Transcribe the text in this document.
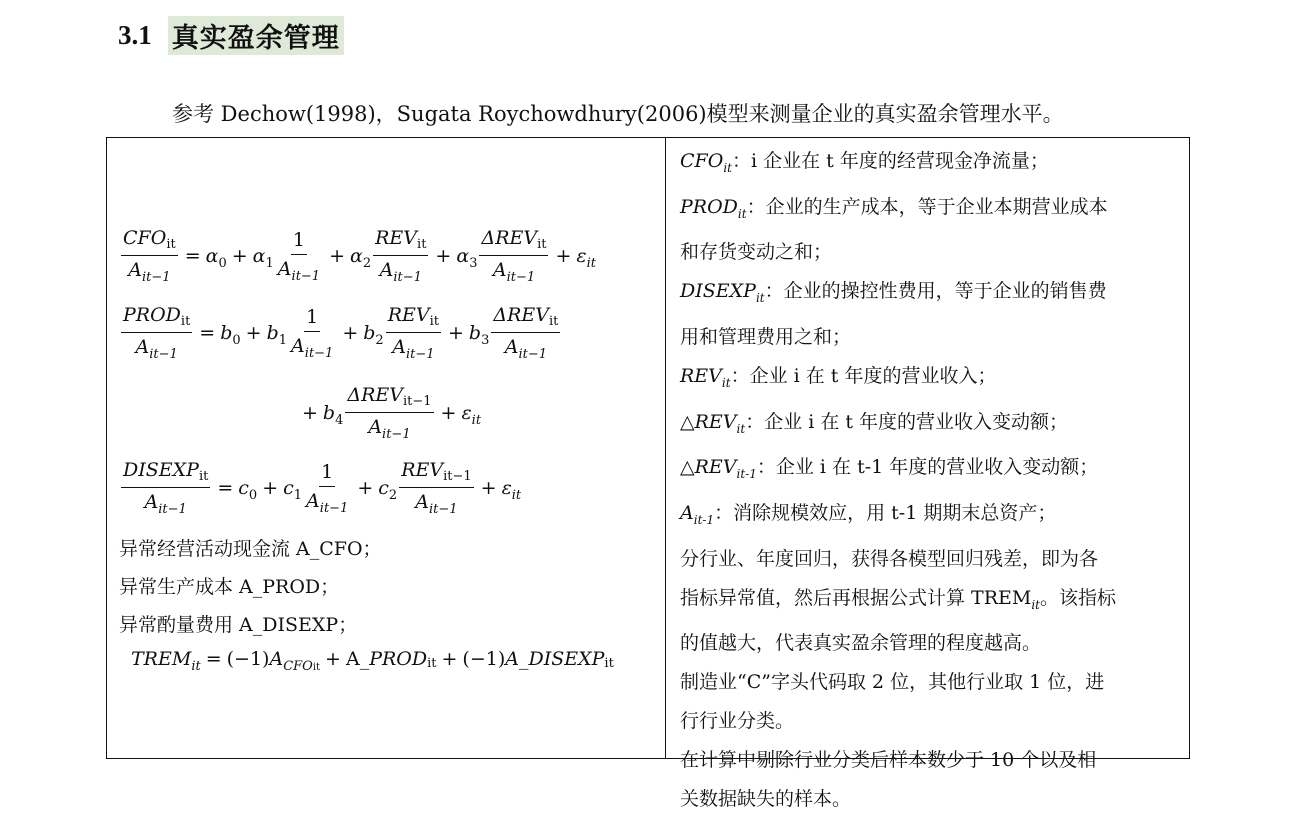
3.1 真实盈余管理
参考 Dechow(1998)，Sugata Roychowdhury(2006)模型来测量企业的真实盈余管理水平。
$\frac{CFO_{it}}{A_{it-1}} = \alpha_0 + \alpha_1 \frac{1}{A_{it-1}} + \alpha_2 \frac{REV_{it}}{A_{it-1}} + \alpha_3 \frac{\Delta REV_{it}}{A_{it-1}} + \varepsilon_{it}$
$\frac{PROD_{it}}{A_{it-1}} = b_0 + b_1 \frac{1}{A_{it-1}} + b_2 \frac{REV_{it}}{A_{it-1}} + b_3 \frac{\Delta REV_{it}}{A_{it-1}}$
+ $b_4 \frac{\Delta REV_{it-1}}{A_{it-1}} + \varepsilon_{it}$
$\frac{DISEXP_{it}}{A_{it-1}} = c_0 + c_1 \frac{1}{A_{it-1}} + c_2 \frac{REV_{it-1}}{A_{it-1}} + \varepsilon_{it}$
异常经营活动现金流 A_CFO；
异常生产成本 A_PROD；
异常酌量费用 A_DISEXP；
$TREM_{it} = (-1) A_{CFOit}$ + A_ PROD it + (−1) A_DISEXP it
$CFO_{it}$：i 企业在 t 年度的经营现金净流量；
$PROD_{it}$：企业的生产成本，等于企业本期营业成本
和存货变动之和；
$DISEXP_{it}$：企业的操控性费用，等于企业的销售费
用和管理费用之和；
$REV_{it}$：企业 i 在 t 年度的营业收入；
$\triangle REV_{it}$：企业 i 在 t 年度的营业收入变动额；
$\triangle REV_{it-1}$：企业 i 在 t-1 年度的营业收入变动额；
$A_{it-1}$：消除规模效应，用 t-1 期期末总资产；
分行业、年度回归，获得各模型回归残差，即为各
指标异常值，然后再根据公式计算 $TREM_{it}$。该指标
的值越大，代表真实盈余管理的程度越高。
制造业“C”字头代码取 2 位，其他行业取 1 位，进
行行业分类。
在计算中剔除行业分类后样本数少于 10 个以及相
关数据缺失的样本。
